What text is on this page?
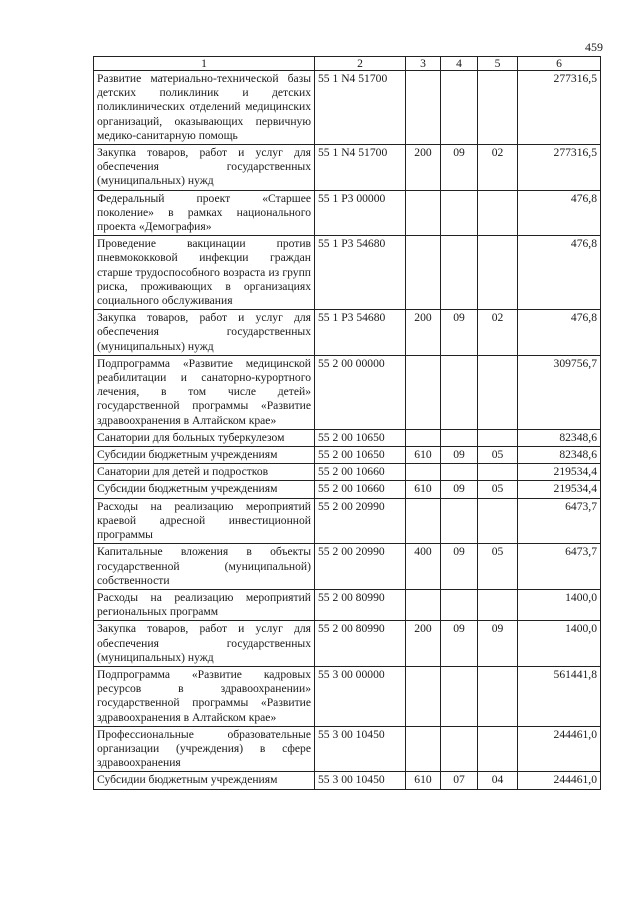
459
1	2	3	4	5	6
Развитие материально-технической базы детских поликлиник и детских поликлинических отделений медицинских организаций, оказывающих первичную медико-санитарную помощь	55 1 N4 51700				277316,5
Закупка товаров, работ и услуг для обеспечения государственных (муниципальных) нужд	55 1 N4 51700	200	09	02	277316,5
Федеральный проект «Старшее поколение» в рамках национального проекта «Демография»	55 1 P3 00000				476,8
Проведение вакцинации против пневмококковой инфекции граждан старше трудоспособного возраста из групп риска, проживающих в организациях социального обслуживания	55 1 P3 54680				476,8
Закупка товаров, работ и услуг для обеспечения государственных (муниципальных) нужд	55 1 P3 54680	200	09	02	476,8
Подпрограмма «Развитие медицинской реабилитации и санаторно-курортного лечения, в том числе детей» государственной программы «Развитие здравоохранения в Алтайском крае»	55 2 00 00000				309756,7
Санатории для больных туберкулезом	55 2 00 10650				82348,6
Субсидии бюджетным учреждениям	55 2 00 10650	610	09	05	82348,6
Санатории для детей и подростков	55 2 00 10660				219534,4
Субсидии бюджетным учреждениям	55 2 00 10660	610	09	05	219534,4
Расходы на реализацию мероприятий краевой адресной инвестиционной программы	55 2 00 20990				6473,7
Капитальные вложения в объекты государственной (муниципальной) собственности	55 2 00 20990	400	09	05	6473,7
Расходы на реализацию мероприятий региональных программ	55 2 00 80990				1400,0
Закупка товаров, работ и услуг для обеспечения государственных (муниципальных) нужд	55 2 00 80990	200	09	09	1400,0
Подпрограмма «Развитие кадровых ресурсов в здравоохранении» государственной программы «Развитие здравоохранения в Алтайском крае»	55 3 00 00000				561441,8
Профессиональные образовательные организации (учреждения) в сфере здравоохранения	55 3 00 10450				244461,0
Субсидии бюджетным учреждениям	55 3 00 10450	610	07	04	244461,0
